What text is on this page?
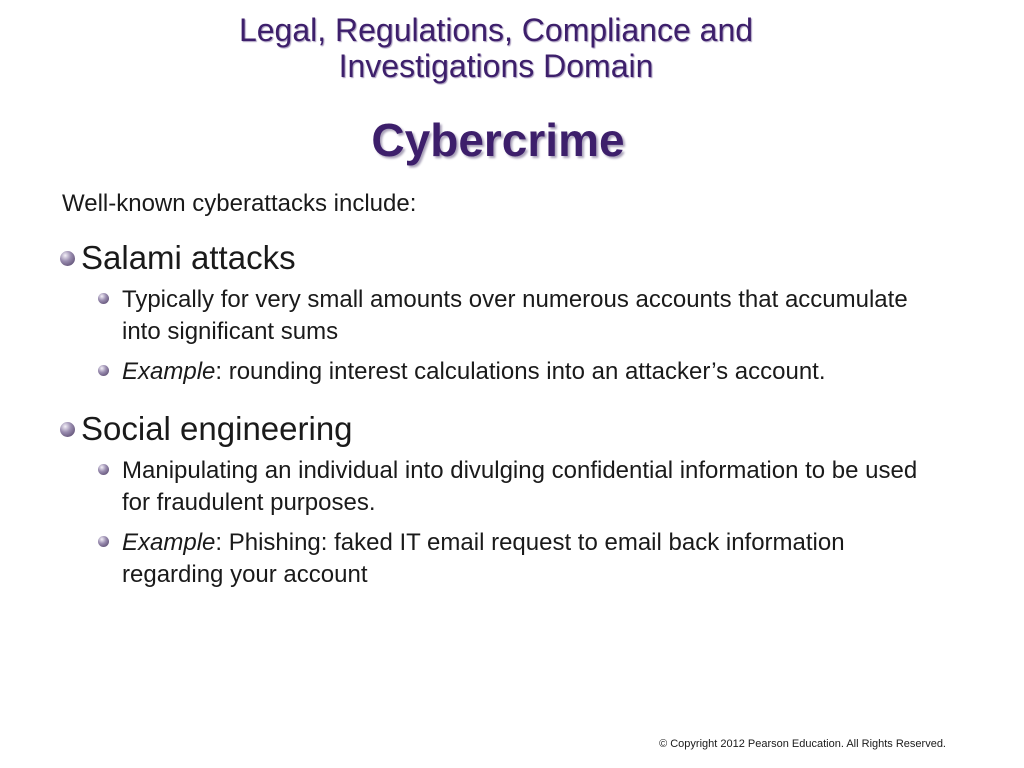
Legal, Regulations, Compliance and
Investigations Domain
Cybercrime
Well-known cyberattacks include:
Salami attacks
Typically for very small amounts over numerous accounts that accumulate into significant sums
Example: rounding interest calculations into an attacker’s account.
Social engineering
Manipulating an individual into divulging confidential information to be used for fraudulent purposes.
Example: Phishing: faked IT email request to email back information regarding your account
© Copyright 2012 Pearson Education. All Rights Reserved.
